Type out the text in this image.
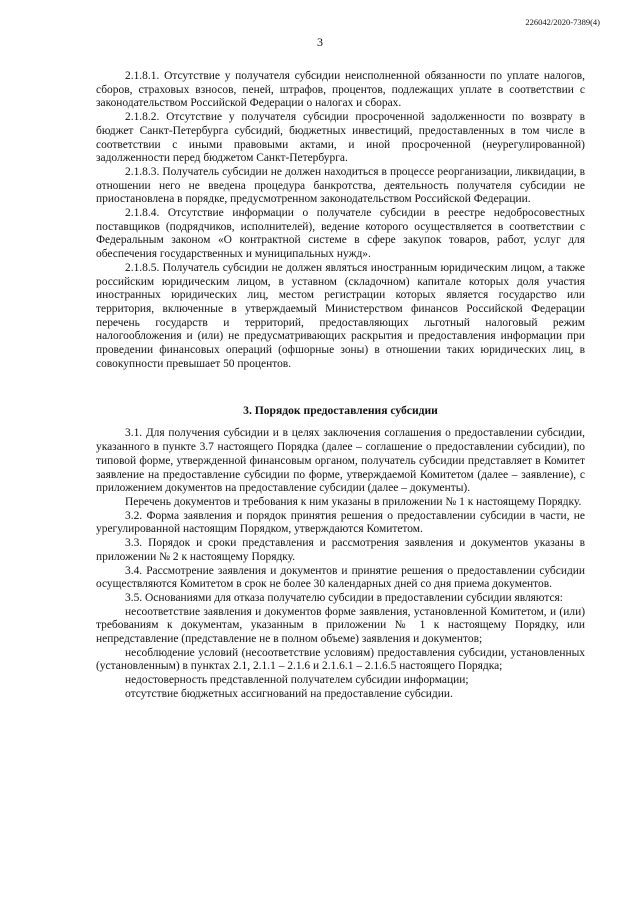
226042/2020-7389(4)
3

2.1.8.1. Отсутствие у получателя субсидии неисполненной обязанности по уплате налогов, сборов, страховых взносов, пеней, штрафов, процентов, подлежащих уплате в соответствии с законодательством Российской Федерации о налогах и сборах.

2.1.8.2. Отсутствие у получателя субсидии просроченной задолженности по возврату в бюджет Санкт-Петербурга субсидий, бюджетных инвестиций, предоставленных в том числе в соответствии с иными правовыми актами, и иной просроченной (неурегулированной) задолженности перед бюджетом Санкт-Петербурга.

2.1.8.3. Получатель субсидии не должен находиться в процессе реорганизации, ликвидации, в отношении него не введена процедура банкротства, деятельность получателя субсидии не приостановлена в порядке, предусмотренном законодательством Российской Федерации.

2.1.8.4. Отсутствие информации о получателе субсидии в реестре недобросовестных поставщиков (подрядчиков, исполнителей), ведение которого осуществляется в соответствии с Федеральным законом «О контрактной системе в сфере закупок товаров, работ, услуг для обеспечения государственных и муниципальных нужд».

2.1.8.5. Получатель субсидии не должен являться иностранным юридическим лицом, а также российским юридическим лицом, в уставном (складочном) капитале которых доля участия иностранных юридических лиц, местом регистрации которых является государство или территория, включенные в утверждаемый Министерством финансов Российской Федерации перечень государств и территорий, предоставляющих льготный налоговый режим налогообложения и (или) не предусматривающих раскрытия и предоставления информации при проведении финансовых операций (офшорные зоны) в отношении таких юридических лиц, в совокупности превышает 50 процентов.

3. Порядок предоставления субсидии

3.1. Для получения субсидии и в целях заключения соглашения о предоставлении субсидии, указанного в пункте 3.7 настоящего Порядка (далее – соглашение о предоставлении субсидии), по типовой форме, утвержденной финансовым органом, получатель субсидии представляет в Комитет заявление на предоставление субсидии по форме, утверждаемой Комитетом (далее – заявление), с приложением документов на предоставление субсидии (далее – документы).

Перечень документов и требования к ним указаны в приложении № 1 к настоящему Порядку.

3.2. Форма заявления и порядок принятия решения о предоставлении субсидии в части, не урегулированной настоящим Порядком, утверждаются Комитетом.

3.3. Порядок и сроки представления и рассмотрения заявления и документов указаны в приложении № 2 к настоящему Порядку.

3.4. Рассмотрение заявления и документов и принятие решения о предоставлении субсидии осуществляются Комитетом в срок не более 30 календарных дней со дня приема документов.

3.5. Основаниями для отказа получателю субсидии в предоставлении субсидии являются:

несоответствие заявления и документов форме заявления, установленной Комитетом, и (или) требованиям к документам, указанным в приложении № 1 к настоящему Порядку, или непредставление (представление не в полном объеме) заявления и документов;

несоблюдение условий (несоответствие условиям) предоставления субсидии, установленных (установленным) в пунктах 2.1, 2.1.1 – 2.1.6 и 2.1.6.1 – 2.1.6.5 настоящего Порядка;

недостоверность представленной получателем субсидии информации;

отсутствие бюджетных ассигнований на предоставление субсидии.
